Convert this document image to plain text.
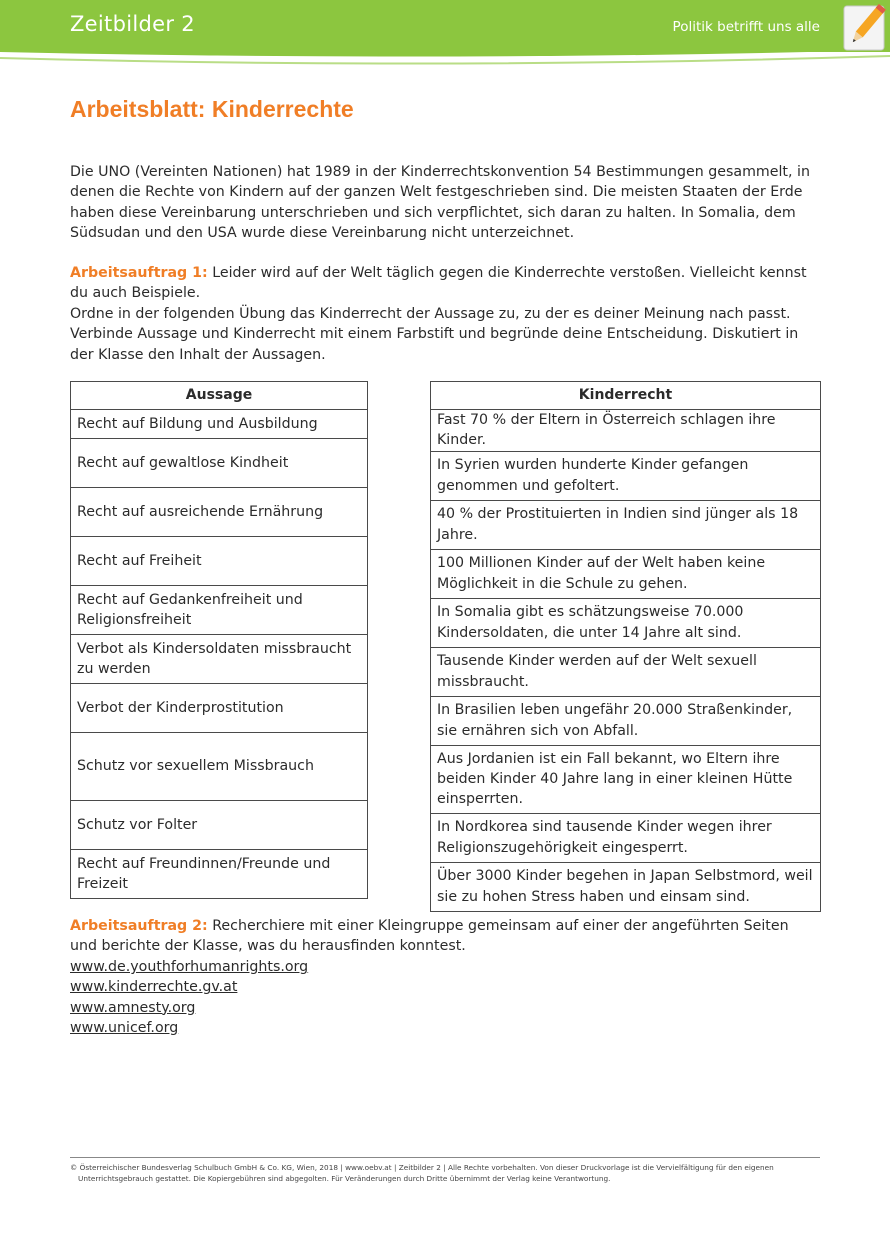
Zeitbilder 2	Politik betrifft uns alle
Arbeitsblatt: Kinderrechte

Die UNO (Vereinten Nationen) hat 1989 in der Kinderrechtskonvention 54 Bestimmungen gesammelt, in denen die Rechte von Kindern auf der ganzen Welt festgeschrieben sind. Die meisten Staaten der Erde haben diese Vereinbarung unterschrieben und sich verpflichtet, sich daran zu halten. In Somalia, dem Südsudan und den USA wurde diese Vereinbarung nicht unterzeichnet.

Arbeitsauftrag 1: Leider wird auf der Welt täglich gegen die Kinderrechte verstoßen. Vielleicht kennst du auch Beispiele.

Ordne in der folgenden Übung das Kinderrecht der Aussage zu, zu der es deiner Meinung nach passt. Verbinde Aussage und Kinderrecht mit einem Farbstift und begründe deine Entscheidung. Diskutiert in der Klasse den Inhalt der Aussagen.

Aussage
Recht auf Bildung und Ausbildung
Recht auf gewaltlose Kindheit
Recht auf ausreichende Ernährung
Recht auf Freiheit
Recht auf Gedankenfreiheit und Religionsfreiheit
Verbot als Kindersoldaten missbraucht zu werden
Verbot der Kinderprostitution
Schutz vor sexuellem Missbrauch
Schutz vor Folter
Recht auf Freundinnen/Freunde und Freizeit
Kinderrecht
Fast 70 % der Eltern in Österreich schlagen ihre Kinder.
In Syrien wurden hunderte Kinder gefangen genommen und gefoltert.
40 % der Prostituierten in Indien sind jünger als 18 Jahre.
100 Millionen Kinder auf der Welt haben keine Möglichkeit in die Schule zu gehen.
In Somalia gibt es schätzungsweise 70.000 Kindersoldaten, die unter 14 Jahre alt sind.
Tausende Kinder werden auf der Welt sexuell missbraucht.
In Brasilien leben ungefähr 20.000 Straßenkinder, sie ernähren sich von Abfall.
Aus Jordanien ist ein Fall bekannt, wo Eltern ihre beiden Kinder 40 Jahre lang in einer kleinen Hütte einsperrten.
In Nordkorea sind tausende Kinder wegen ihrer Religionszugehörigkeit eingesperrt.
Über 3000 Kinder begehen in Japan Selbstmord, weil sie zu hohen Stress haben und einsam sind.

Arbeitsauftrag 2: Recherchiere mit einer Kleingruppe gemeinsam auf einer der angeführten Seiten und berichte der Klasse, was du herausfinden konntest.

www.de.youthforhumanrights.org
www.kinderrechte.gv.at
www.amnesty.org
www.unicef.org

© Österreichischer Bundesverlag Schulbuch GmbH & Co. KG, Wien, 2018 | www.oebv.at | Zeitbilder 2 | Alle Rechte vorbehalten. Von dieser Druckvorlage ist die Vervielfältigung für den eigenen
Unterrichtsgebrauch gestattet. Die Kopiergebühren sind abgegolten. Für Veränderungen durch Dritte übernimmt der Verlag keine Verantwortung.
